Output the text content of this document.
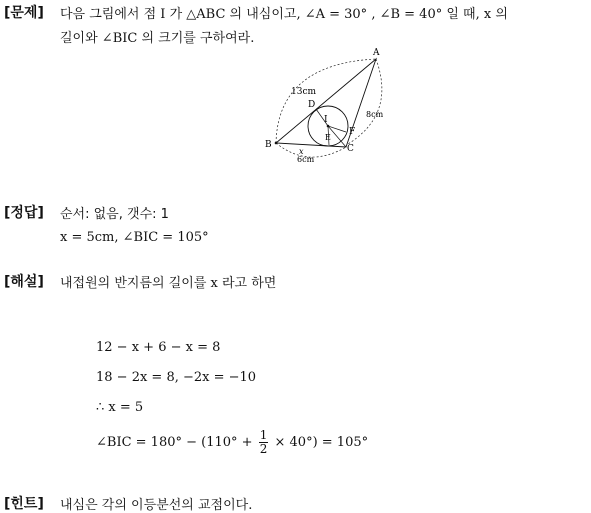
[문제] 다음 그림에서 점 I 가 △ABC 의 내심이고, ∠A = 30° , ∠B = 40° 일 때, x 의
길이와 ∠BIC 의 크기를 구하여라.
A
B	C
D
E
F
I
x
13cm
8cm
6cm
[정답] 순서: 없음, 갯수: 1
x = 5cm, ∠BIC = 105°
[해설] 내접원의 반지름의 길이를 x 라고 하면
12 − x + 6 − x = 8
18 − 2x = 8, −2x = −10
∴ x = 5
∠BIC = $180^\circ - (110^\circ + \frac{1}{2} \times 40^\circ) = 105^\circ$
[힌트] 내심은 각의 이등분선의 교점이다.
